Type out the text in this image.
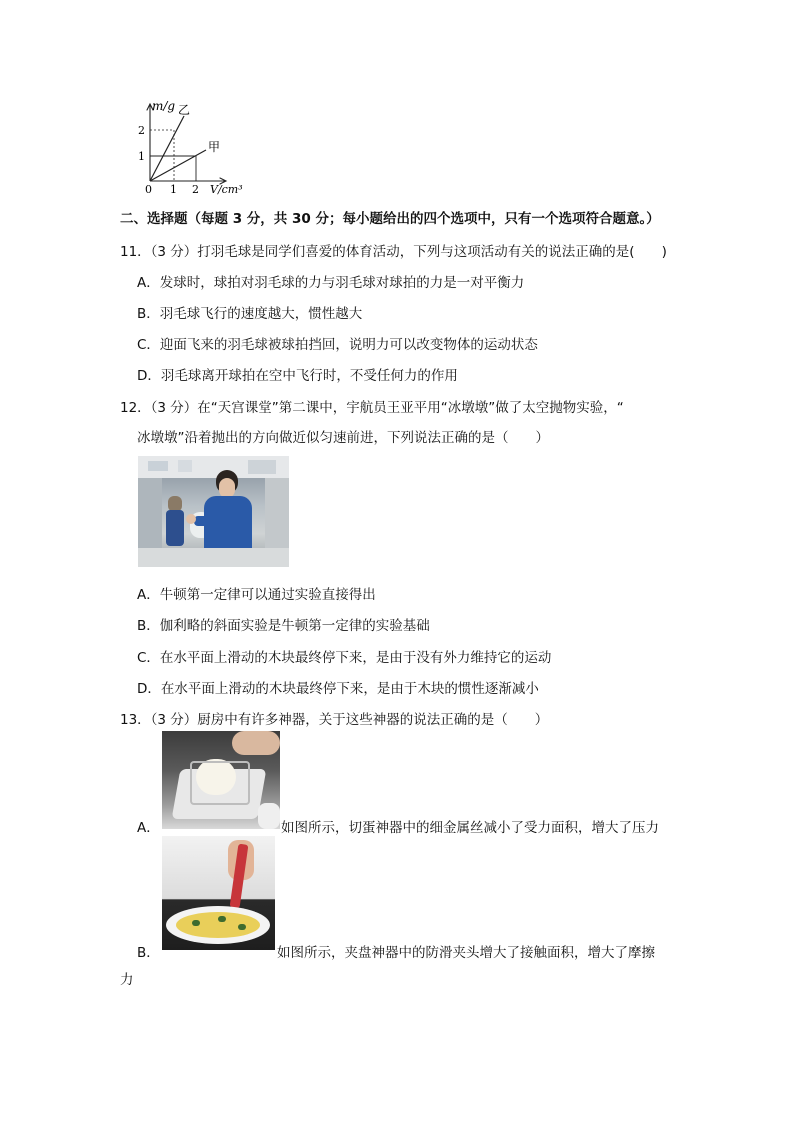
m/g
V/cm³
0 1 2
1
2
乙
甲
二、选择题（每题 3 分，共 30 分；每小题给出的四个选项中，只有一个选项符合题意。）
11．（3 分）打羽毛球是同学们喜爱的体育活动，下列与这项活动有关的说法正确的是(　　)
A．发球时，球拍对羽毛球的力与羽毛球对球拍的力是一对平衡力
B．羽毛球飞行的速度越大，惯性越大
C．迎面飞来的羽毛球被球拍挡回，说明力可以改变物体的运动状态
D．羽毛球离开球拍在空中飞行时，不受任何力的作用
12．（3 分）在“天宫课堂”第二课中，宇航员王亚平用“冰墩墩”做了太空抛物实验，“
冰墩墩”沿着抛出的方向做近似匀速前进，下列说法正确的是（　　）
A．牛顿第一定律可以通过实验直接得出
B．伽利略的斜面实验是牛顿第一定律的实验基础
C．在水平面上滑动的木块最终停下来，是由于没有外力维持它的运动
D．在水平面上滑动的木块最终停下来，是由于木块的惯性逐渐减小
13．（3 分）厨房中有许多神器，关于这些神器的说法正确的是（　　）
A．	如图所示，切蛋神器中的细金属丝减小了受力面积，增大了压力
B．	如图所示，夹盘神器中的防滑夹头增大了接触面积，增大了摩擦
力
